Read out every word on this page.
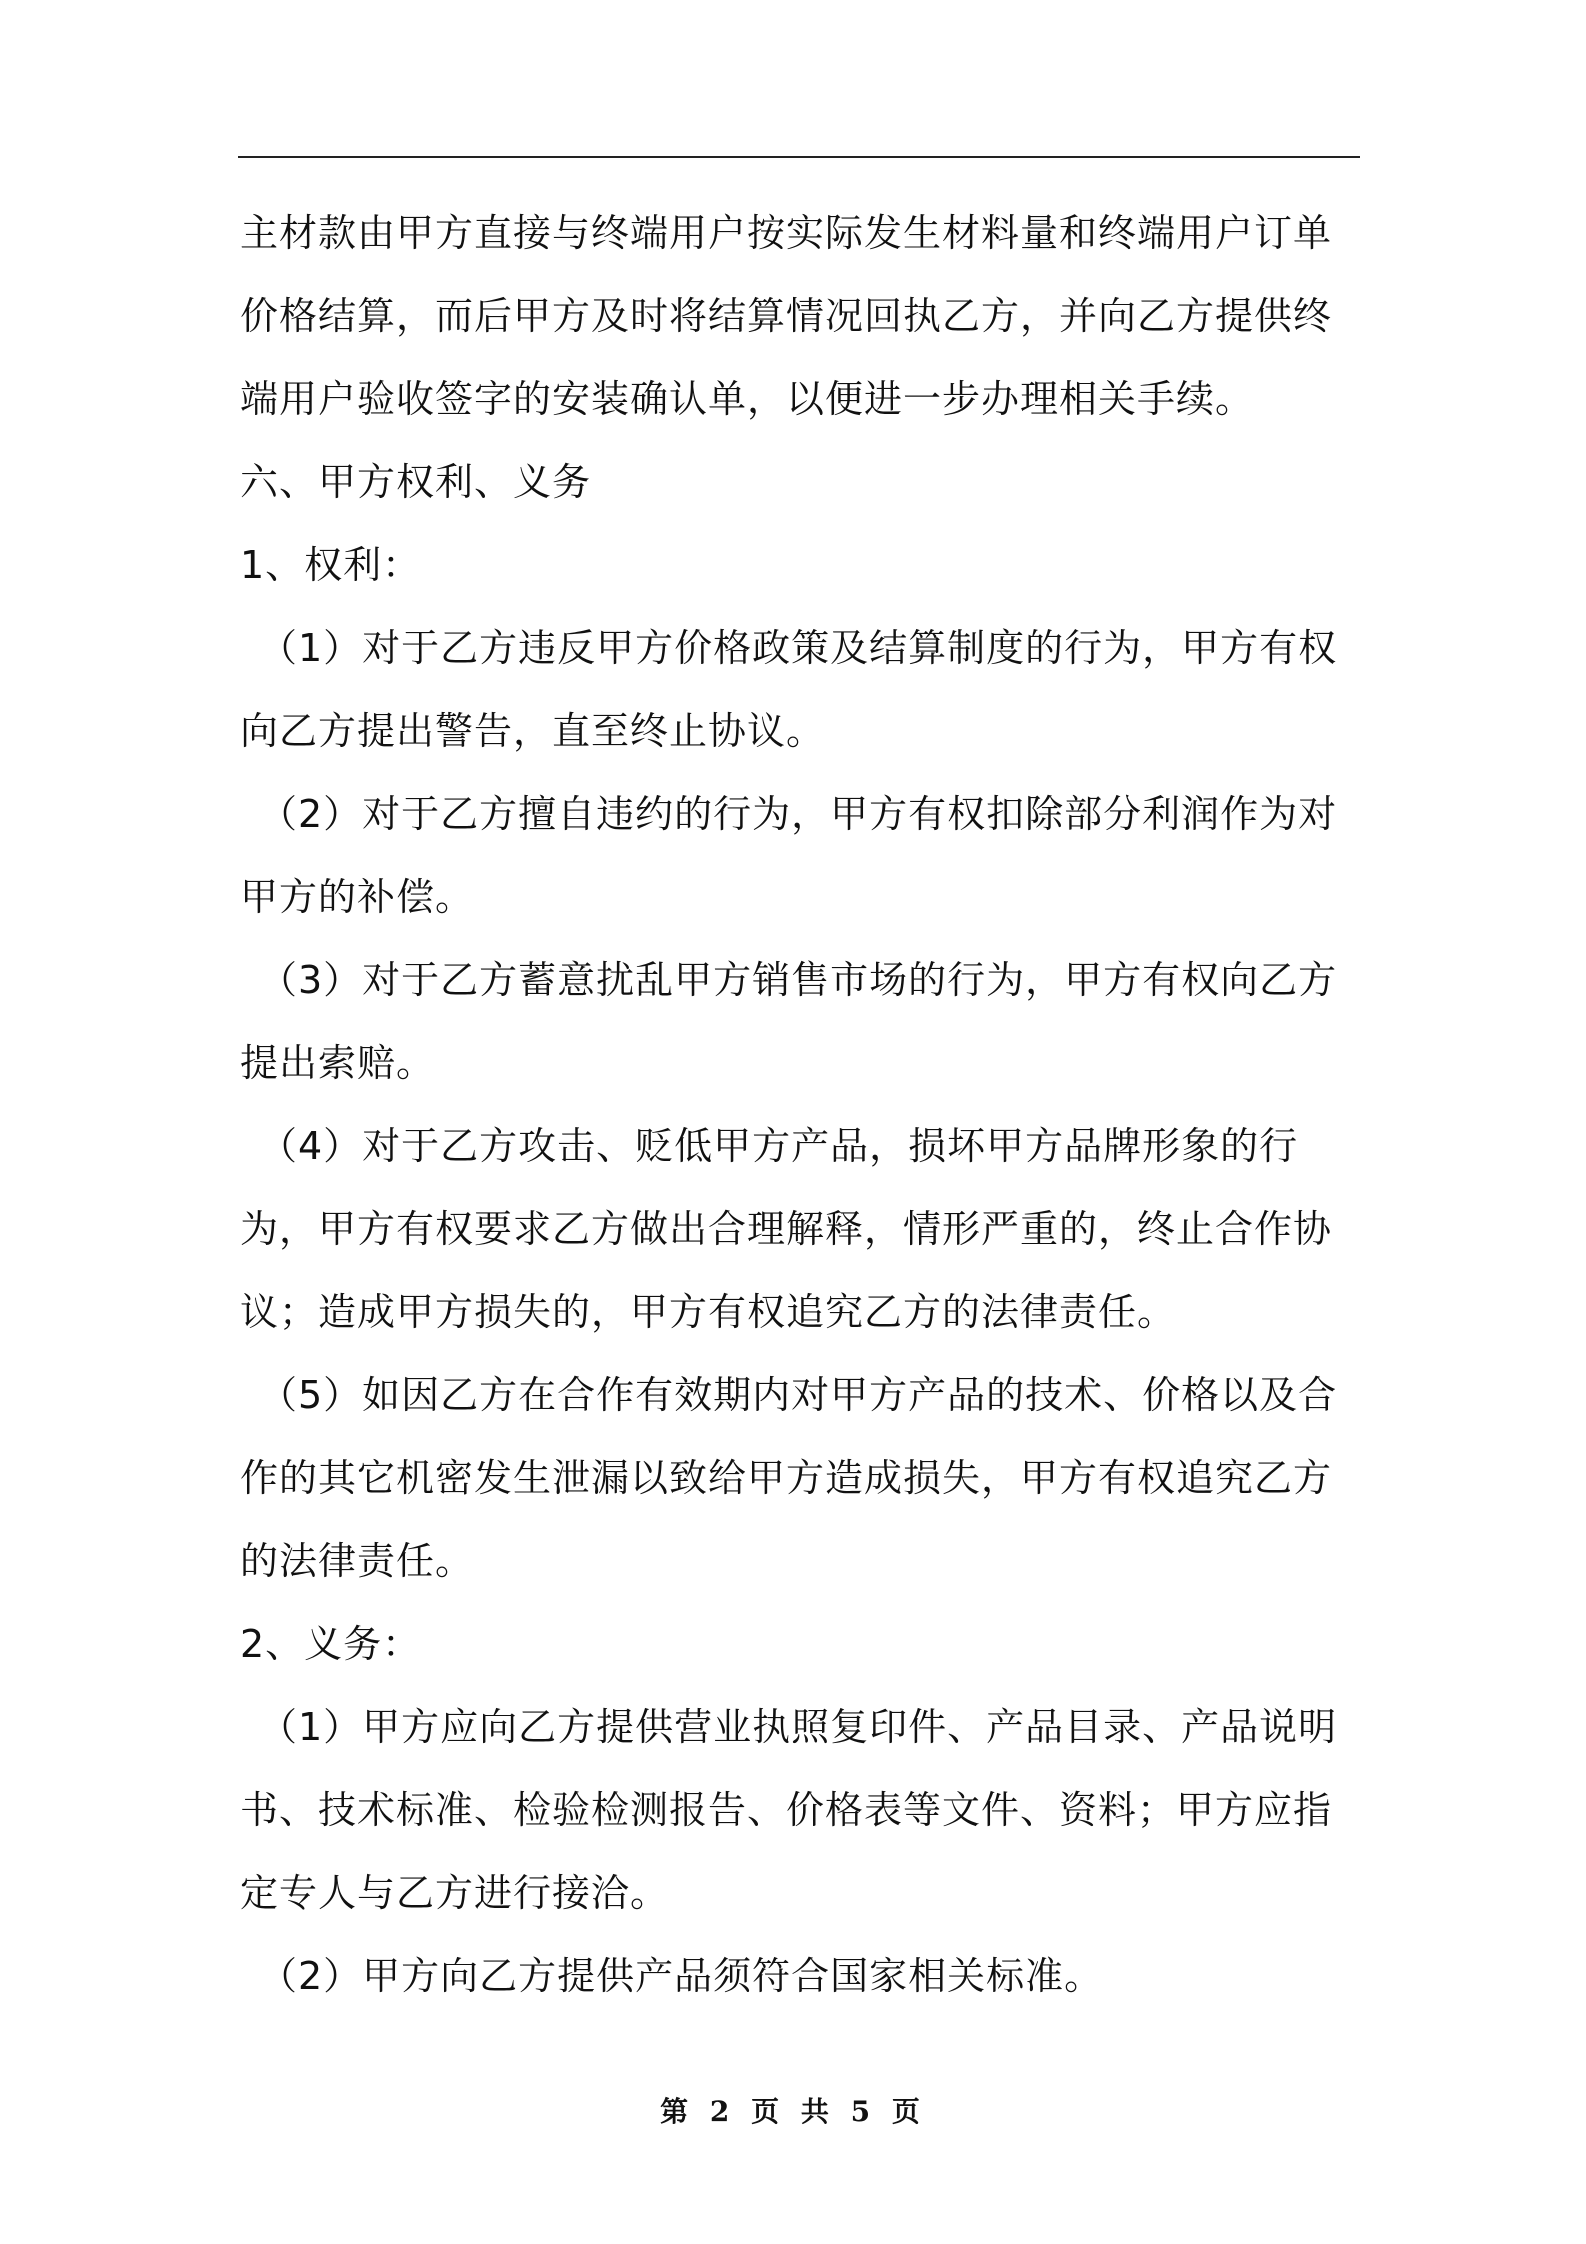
主材款由甲方直接与终端用户按实际发生材料量和终端用户订单价格结算，而后甲方及时将结算情况回执乙方，并向乙方提供终端用户验收签字的安装确认单，以便进一步办理相关手续。

六、甲方权利、义务

1、权利：

（1）对于乙方违反甲方价格政策及结算制度的行为，甲方有权向乙方提出警告，直至终止协议。

（2）对于乙方擅自违约的行为，甲方有权扣除部分利润作为对甲方的补偿。

（3）对于乙方蓄意扰乱甲方销售市场的行为，甲方有权向乙方提出索赔。

（4）对于乙方攻击、贬低甲方产品，损坏甲方品牌形象的行为，甲方有权要求乙方做出合理解释，情形严重的，终止合作协议；造成甲方损失的，甲方有权追究乙方的法律责任。

（5）如因乙方在合作有效期内对甲方产品的技术、价格以及合作的其它机密发生泄漏以致给甲方造成损失，甲方有权追究乙方的法律责任。

2、义务：

（1）甲方应向乙方提供营业执照复印件、产品目录、产品说明书、技术标准、检验检测报告、价格表等文件、资料；甲方应指定专人与乙方进行接洽。

（2）甲方向乙方提供产品须符合国家相关标准。

第 2 页 共 5 页
